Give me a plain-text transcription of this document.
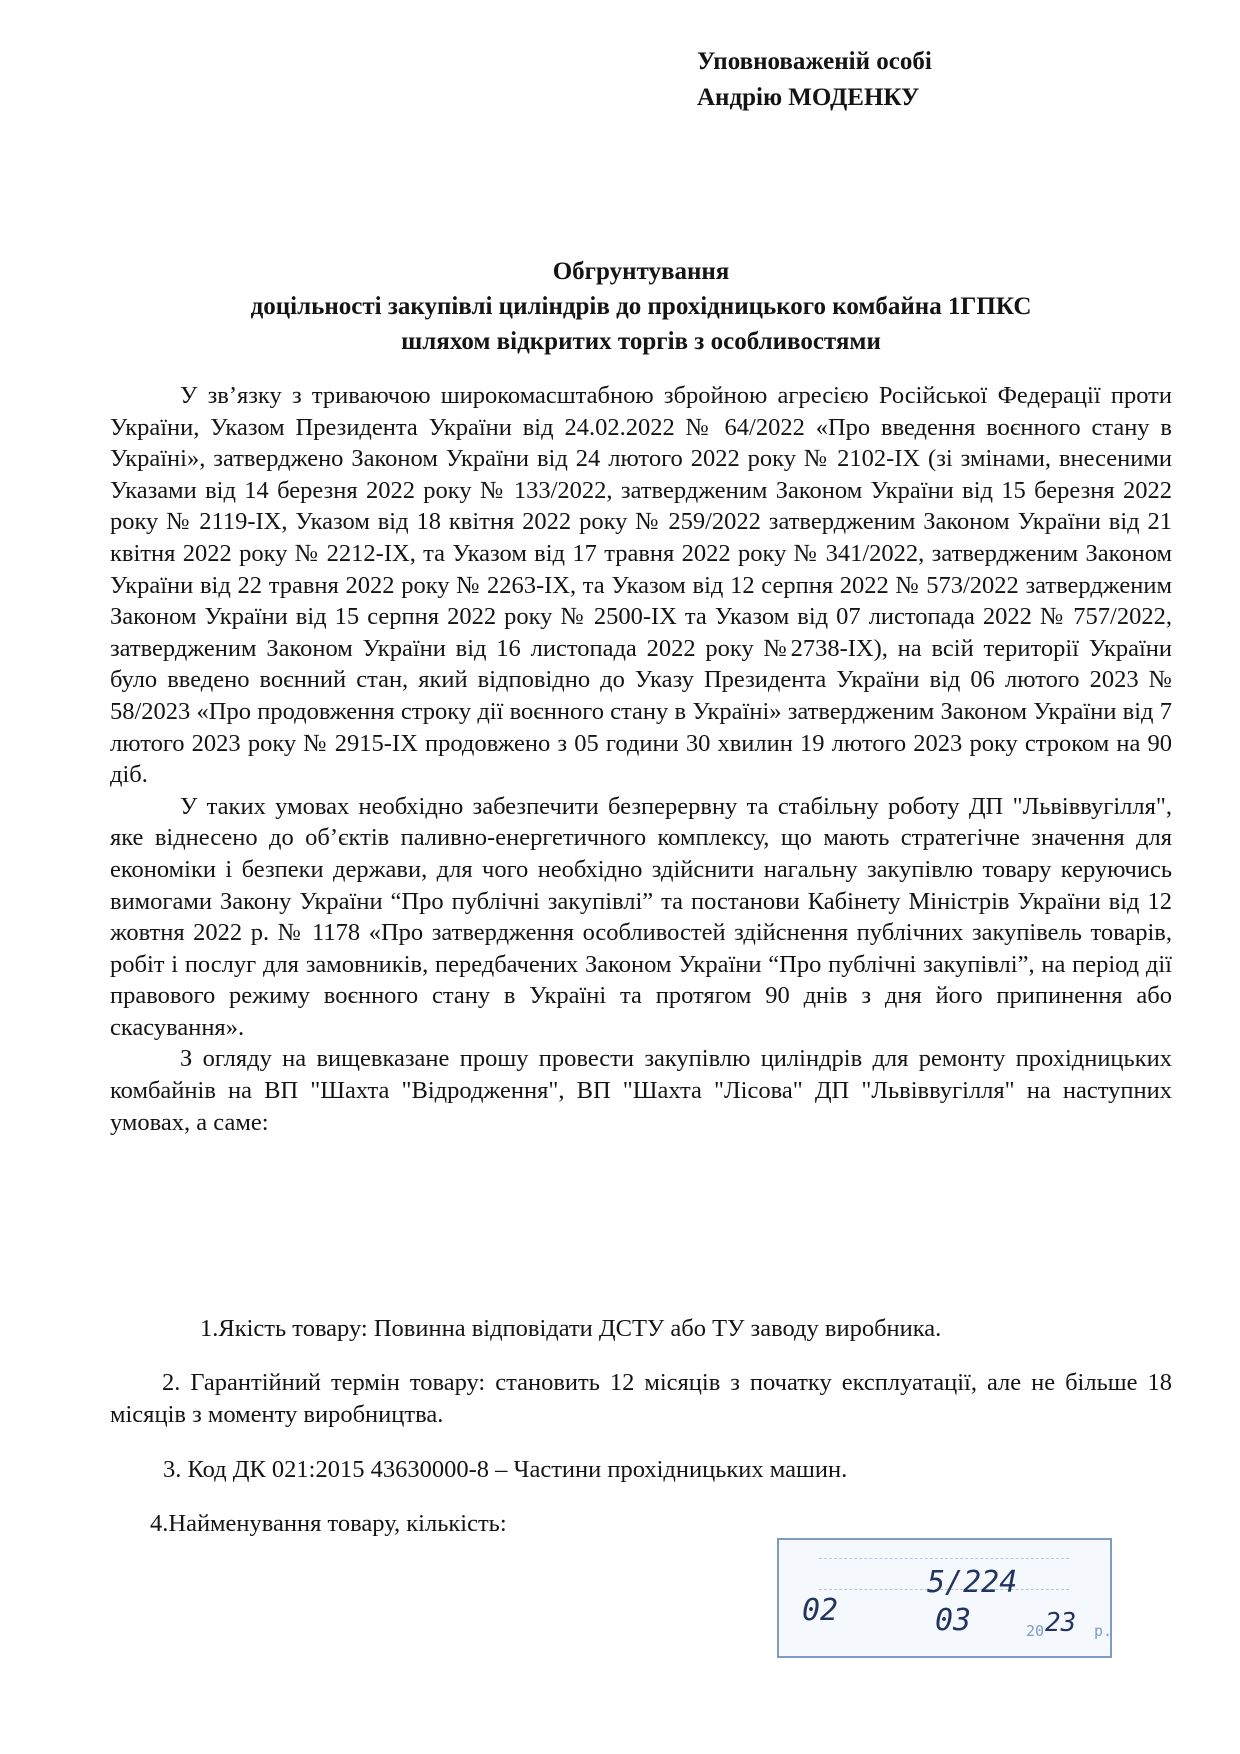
Уповноваженій особі
Андрію МОДЕНКУ
Обгрунтування
доцільності закупівлі циліндрів до прохідницького комбайна 1ГПКС
шляхом відкритих торгів з особливостями

У зв’язку з триваючою широкомасштабною збройною агресією Російської Федерації проти України, Указом Президента України від 24.02.2022 № 64/2022 «Про введення воєнного стану в Україні», затверджено Законом України від 24 лютого 2022 року № 2102-IX (зі змінами, внесеними Указами від 14 березня 2022 року № 133/2022, затвердженим Законом України від 15 березня 2022 року № 2119-IX, Указом від 18 квітня 2022 року № 259/2022 затвердженим Законом України від 21 квітня 2022 року № 2212-IX, та Указом від 17 травня 2022 року № 341/2022, затвердженим Законом України від 22 травня 2022 року № 2263-IX, та Указом від 12 серпня 2022 № 573/2022 затвердженим Законом України від 15 серпня 2022 року № 2500-IX та Указом від 07 листопада 2022 № 757/2022, затвердженим Законом України від 16 листопада 2022 року №2738-IX), на всій території України було введено воєнний стан, який відповідно до Указу Президента України від 06 лютого 2023 № 58/2023 «Про продовження строку дії воєнного стану в Україні» затвердженим Законом України від 7 лютого 2023 року № 2915-IX продовжено з 05 години 30 хвилин 19 лютого 2023 року строком на 90 діб.

У таких умовах необхідно забезпечити безперервну та стабільну роботу ДП "Львіввугілля", яке віднесено до об’єктів паливно-енергетичного комплексу, що мають стратегічне значення для економіки і безпеки держави, для чого необхідно здійснити нагальну закупівлю товару керуючись вимогами Закону України “Про публічні закупівлі” та постанови Кабінету Міністрів України від 12 жовтня 2022 р. № 1178 «Про затвердження особливостей здійснення публічних закупівель товарів, робіт і послуг для замовників, передбачених Законом України “Про публічні закупівлі”, на період дії правового режиму воєнного стану в Україні та протягом 90 днів з дня його припинення або скасування».

З огляду на вищевказане прошу провести закупівлю циліндрів для ремонту прохідницьких комбайнів на ВП "Шахта "Відродження", ВП "Шахта "Лісова" ДП "Львіввугілля" на наступних умовах, а саме:

1.Якість товару: Повинна відповідати ДСТУ або ТУ заводу виробника.
2. Гарантійний термін товару: становить 12 місяців з початку експлуатації, але не більше 18 місяців з моменту виробництва.
3. Код ДК 021:2015 43630000-8 – Частини прохідницьких машин.
4.Найменування товару, кількість:
02
5/224
03	20 23 р.
